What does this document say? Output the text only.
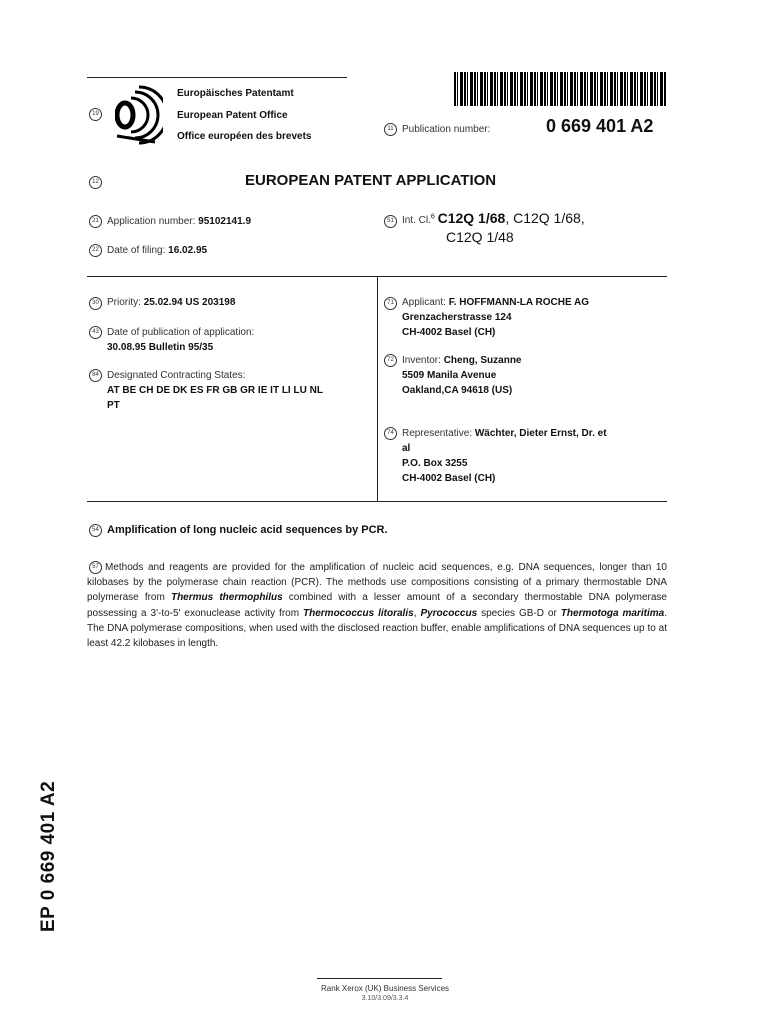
19
Europäisches Patentamt
European Patent Office
Office européen des brevets
11 Publication number:	0 669 401 A2
12	EUROPEAN PATENT APPLICATION
21 Application number: 95102141.9
22 Date of filing: 16.02.95
51 Int. Cl.$^6$ C12Q 1/68, C12Q 1/68,
C12Q 1/48
30 Priority: 25.02.94 US 203198
43 Date of publication of application:
30.08.95 Bulletin 95/35
84 Designated Contracting States:
AT BE CH DE DK ES FR GB GR IE IT LI LU NL
PT
71 Applicant: F. HOFFMANN-LA ROCHE AG
Grenzacherstrasse 124
CH-4002 Basel (CH)
72 Inventor: Cheng, Suzanne
5509 Manila Avenue
Oakland,CA 94618 (US)
74 Representative: Wächter, Dieter Ernst, Dr. et
al
P.O. Box 3255
CH-4002 Basel (CH)
54 Amplification of long nucleic acid sequences by PCR.
57 Methods and reagents are provided for the amplification of nucleic acid sequences, e.g. DNA sequences, longer than 10 kilobases by the polymerase chain reaction (PCR). The methods use compositions consisting of a primary thermostable DNA polymerase from Thermus thermophilus combined with a lesser amount of a secondary thermostable DNA polymerase possessing a 3'-to-5' exonuclease activity from Thermococcus litoralis, Pyrococcus species GB-D or Thermotoga maritima. The DNA polymerase compositions, when used with the disclosed reaction buffer, enable amplifications of DNA sequences up to at least 42.2 kilobases in length.
EP 0 669 401 A2
Rank Xerox (UK) Business Services
3.10/3.09/3.3.4
